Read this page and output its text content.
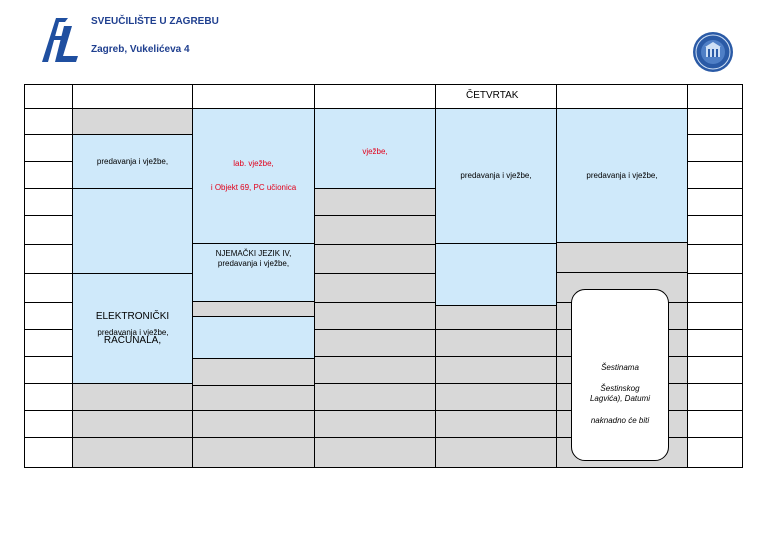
SVEUČILIŠTE U ZAGREBU
Zagreb, Vukelićeva 4
predavanja i vježbe,
ELEKTRONIČKI
RAČUNALA,
lab. vježbe,
i Objekt 69, PC učionica
NJEMAČKI JEZIK IV,
predavanja i vježbe,
vježbe,
ČETVRTAK
predavanja i vježbe,	predavanja i vježbe,
predavanja i vježbe,
Šestinama
Šestinskog
Lagvića), Datumi
naknadno će biti
